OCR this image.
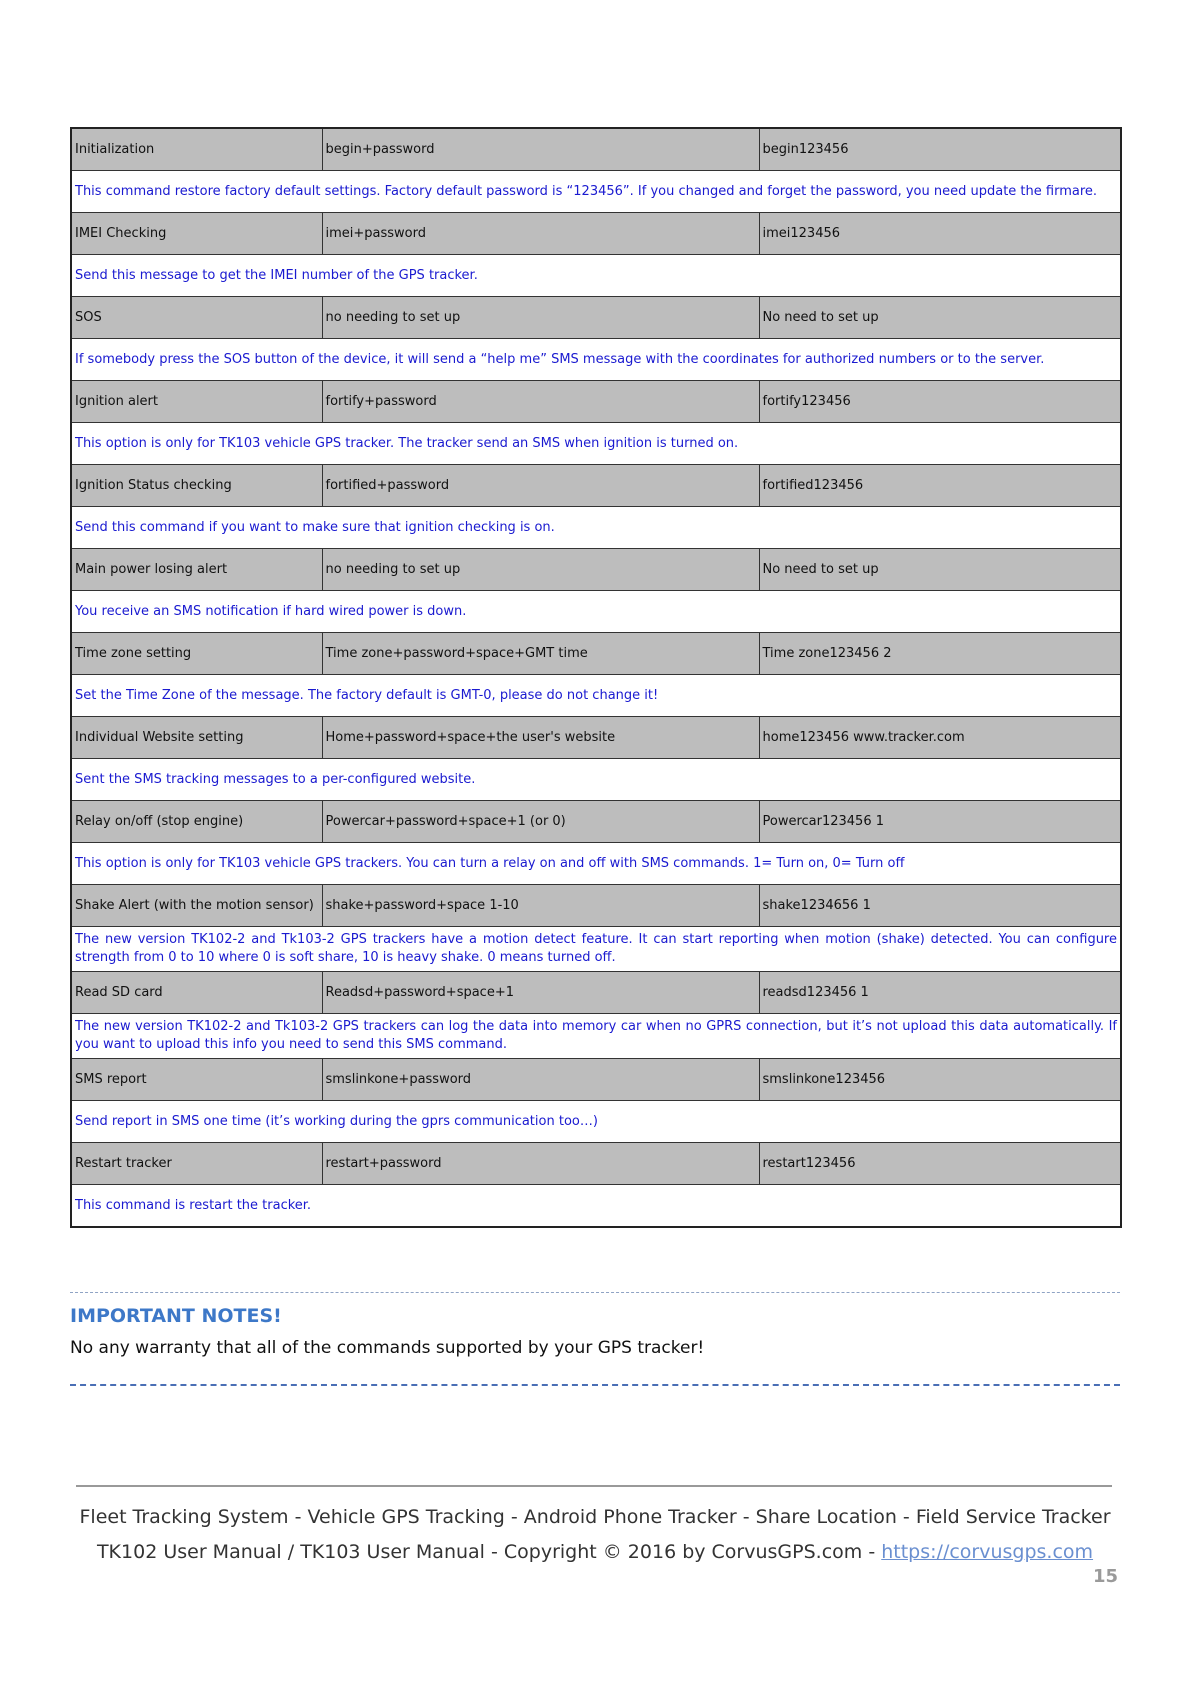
Initialization	begin+password	begin123456
This command restore factory default settings. Factory default password is “123456”. If you changed and forget the password, you need update the firmare.		
IMEI Checking	imei+password	imei123456
Send this message to get the IMEI number of the GPS tracker.		
SOS	no needing to set up	No need to set up
If somebody press the SOS button of the device, it will send a “help me” SMS message with the coordinates for authorized numbers or to the server.		
Ignition alert	fortify+password	fortify123456
This option is only for TK103 vehicle GPS tracker. The tracker send an SMS when ignition is turned on.		
Ignition Status checking	fortified+password	fortified123456
Send this command if you want to make sure that ignition checking is on.		
Main power losing alert	no needing to set up	No need to set up
You receive an SMS notification if hard wired power is down.		
Time zone setting	Time zone+password+space+GMT time	Time zone123456 2
Set the Time Zone of the message. The factory default is GMT-0, please do not change it!		
Individual Website setting	Home+password+space+the user's website	home123456 www.tracker.com
Sent the SMS tracking messages to a per-configured website.		
Relay on/off (stop engine)	Powercar+password+space+1 (or 0)	Powercar123456 1
This option is only for TK103 vehicle GPS trackers. You can turn a relay on and off with SMS commands. 1= Turn on, 0= Turn off		
Shake Alert (with the motion sensor)	shake+password+space 1-10	shake1234656 1
The new version TK102-2 and Tk103-2 GPS trackers have a motion detect feature. It can start reporting when motion (shake) detected. You can configure strength from 0 to 10 where 0 is soft share, 10 is heavy shake. 0 means turned off.		
Read SD card	Readsd+password+space+1	readsd123456 1
The new version TK102-2 and Tk103-2 GPS trackers can log the data into memory car when no GPRS connection, but it’s not upload this data automatically. If you want to upload this info you need to send this SMS command.		
SMS report	smslinkone+password	smslinkone123456
Send report in SMS one time (it’s working during the gprs communication too…)		
Restart tracker	restart+password	restart123456
This command is restart the tracker.		
IMPORTANT NOTES!

No any warranty that all of the commands supported by your GPS tracker!

Fleet Tracking System - Vehicle GPS Tracking - Android Phone Tracker - Share Location - Field Service Tracker

TK102 User Manual / TK103 User Manual - Copyright © 2016 by CorvusGPS.com - https://corvusgps.com

15
